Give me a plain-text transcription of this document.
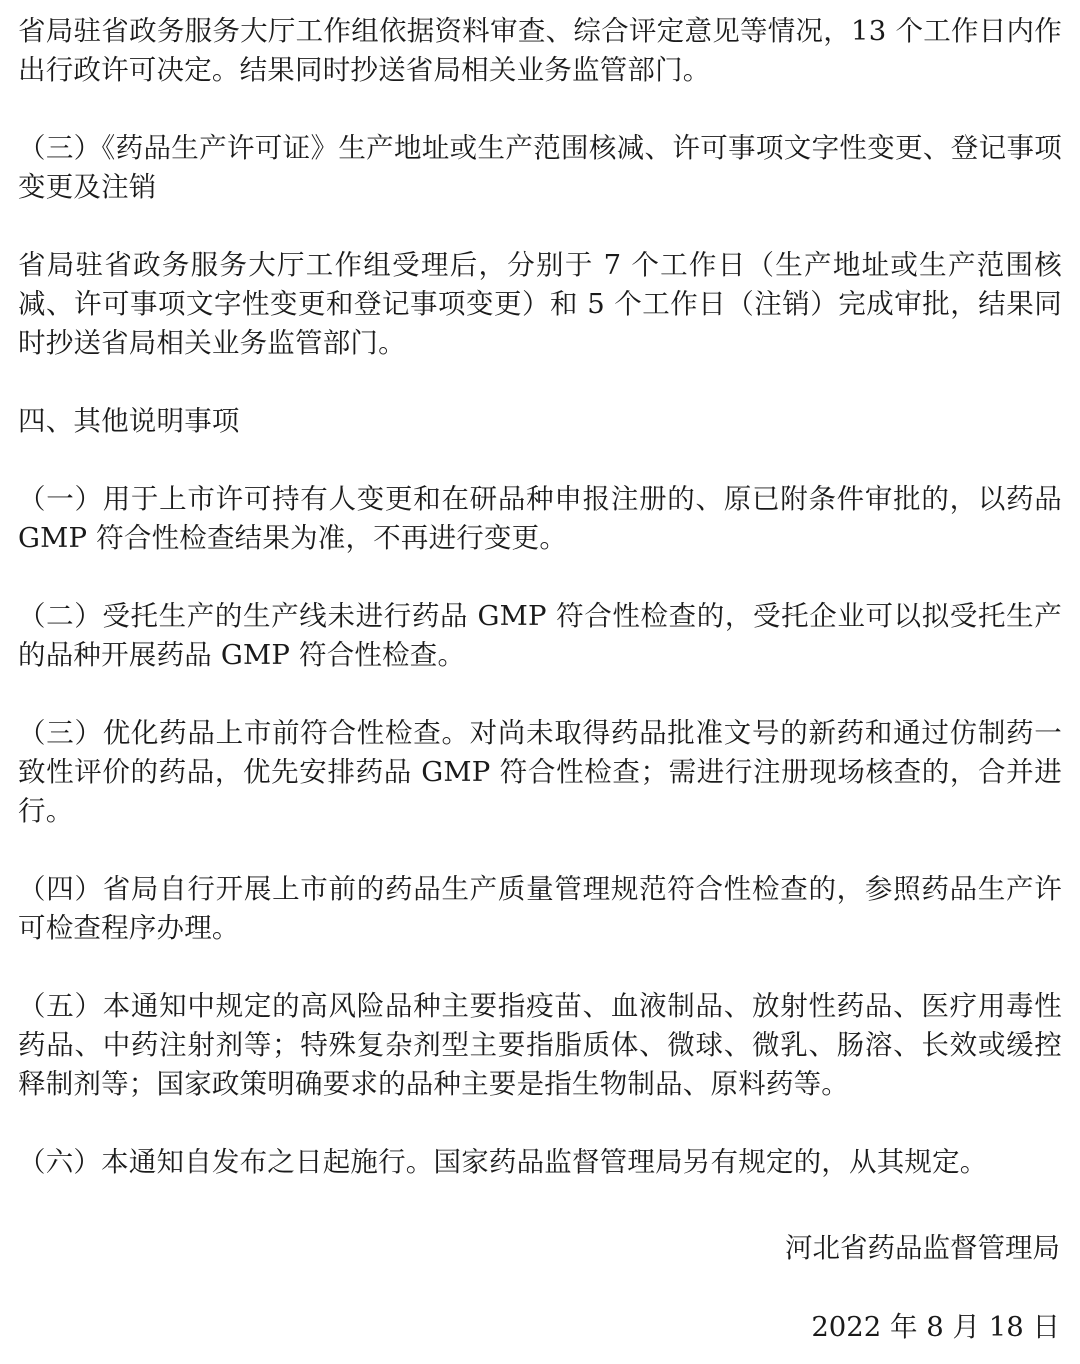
省局驻省政务服务大厅工作组依据资料审查、综合评定意见等情况，13 个工作日内作出行政许可决定。结果同时抄送省局相关业务监管部门。

（三）《药品生产许可证》生产地址或生产范围核减、许可事项文字性变更、登记事项变更及注销

省局驻省政务服务大厅工作组受理后，分别于 7 个工作日（生产地址或生产范围核减、许可事项文字性变更和登记事项变更）和 5 个工作日（注销）完成审批，结果同时抄送省局相关业务监管部门。

四、其他说明事项

（一）用于上市许可持有人变更和在研品种申报注册的、原已附条件审批的，以药品 GMP 符合性检查结果为准，不再进行变更。

（二）受托生产的生产线未进行药品 GMP 符合性检查的，受托企业可以拟受托生产的品种开展药品 GMP 符合性检查。

（三）优化药品上市前符合性检查。对尚未取得药品批准文号的新药和通过仿制药一致性评价的药品，优先安排药品 GMP 符合性检查；需进行注册现场核查的，合并进行。

（四）省局自行开展上市前的药品生产质量管理规范符合性检查的，参照药品生产许可检查程序办理。

（五）本通知中规定的高风险品种主要指疫苗、血液制品、放射性药品、医疗用毒性药品、中药注射剂等；特殊复杂剂型主要指脂质体、微球、微乳、肠溶、长效或缓控释制剂等；国家政策明确要求的品种主要是指生物制品、原料药等。

（六）本通知自发布之日起施行。国家药品监督管理局另有规定的，从其规定。

河北省药品监督管理局
2022 年 8 月 18 日
